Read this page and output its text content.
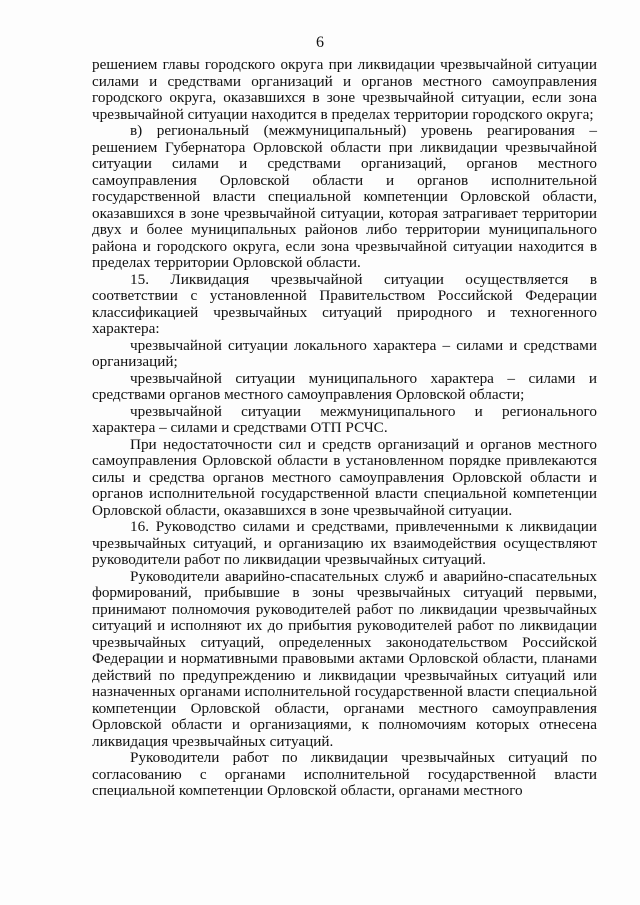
6

решением главы городского округа при ликвидации чрезвычайной ситуации силами и средствами организаций и органов местного самоуправления городского округа, оказавшихся в зоне чрезвычайной ситуации, если зона чрезвычайной ситуации находится в пределах территории городского округа;

в) региональный (межмуниципальный) уровень реагирования – решением Губернатора Орловской области при ликвидации чрезвычайной ситуации силами и средствами организаций, органов местного самоуправления Орловской области и органов исполнительной государственной власти специальной компетенции Орловской области, оказавшихся в зоне чрезвычайной ситуации, которая затрагивает территории двух и более муниципальных районов либо территории муниципального района и городского округа, если зона чрезвычайной ситуации находится в пределах территории Орловской области.

15. Ликвидация чрезвычайной ситуации осуществляется в соответствии с установленной Правительством Российской Федерации классификацией чрезвычайных ситуаций природного и техногенного характера:

чрезвычайной ситуации локального характера – силами и средствами организаций;

чрезвычайной ситуации муниципального характера – силами и средствами органов местного самоуправления Орловской области;

чрезвычайной ситуации межмуниципального и регионального характера – силами и средствами ОТП РСЧС.

При недостаточности сил и средств организаций и органов местного самоуправления Орловской области в установленном порядке привлекаются силы и средства органов местного самоуправления Орловской области и органов исполнительной государственной власти специальной компетенции Орловской области, оказавшихся в зоне чрезвычайной ситуации.

16. Руководство силами и средствами, привлеченными к ликвидации чрезвычайных ситуаций, и организацию их взаимодействия осуществляют руководители работ по ликвидации чрезвычайных ситуаций.

Руководители аварийно-спасательных служб и аварийно-спасательных формирований, прибывшие в зоны чрезвычайных ситуаций первыми, принимают полномочия руководителей работ по ликвидации чрезвычайных ситуаций и исполняют их до прибытия руководителей работ по ликвидации чрезвычайных ситуаций, определенных законодательством Российской Федерации и нормативными правовыми актами Орловской области, планами действий по предупреждению и ликвидации чрезвычайных ситуаций или назначенных органами исполнительной государственной власти специальной компетенции Орловской области, органами местного самоуправления Орловской области и организациями, к полномочиям которых отнесена ликвидация чрезвычайных ситуаций.

Руководители работ по ликвидации чрезвычайных ситуаций по согласованию с органами исполнительной государственной власти специальной компетенции Орловской области, органами местного
